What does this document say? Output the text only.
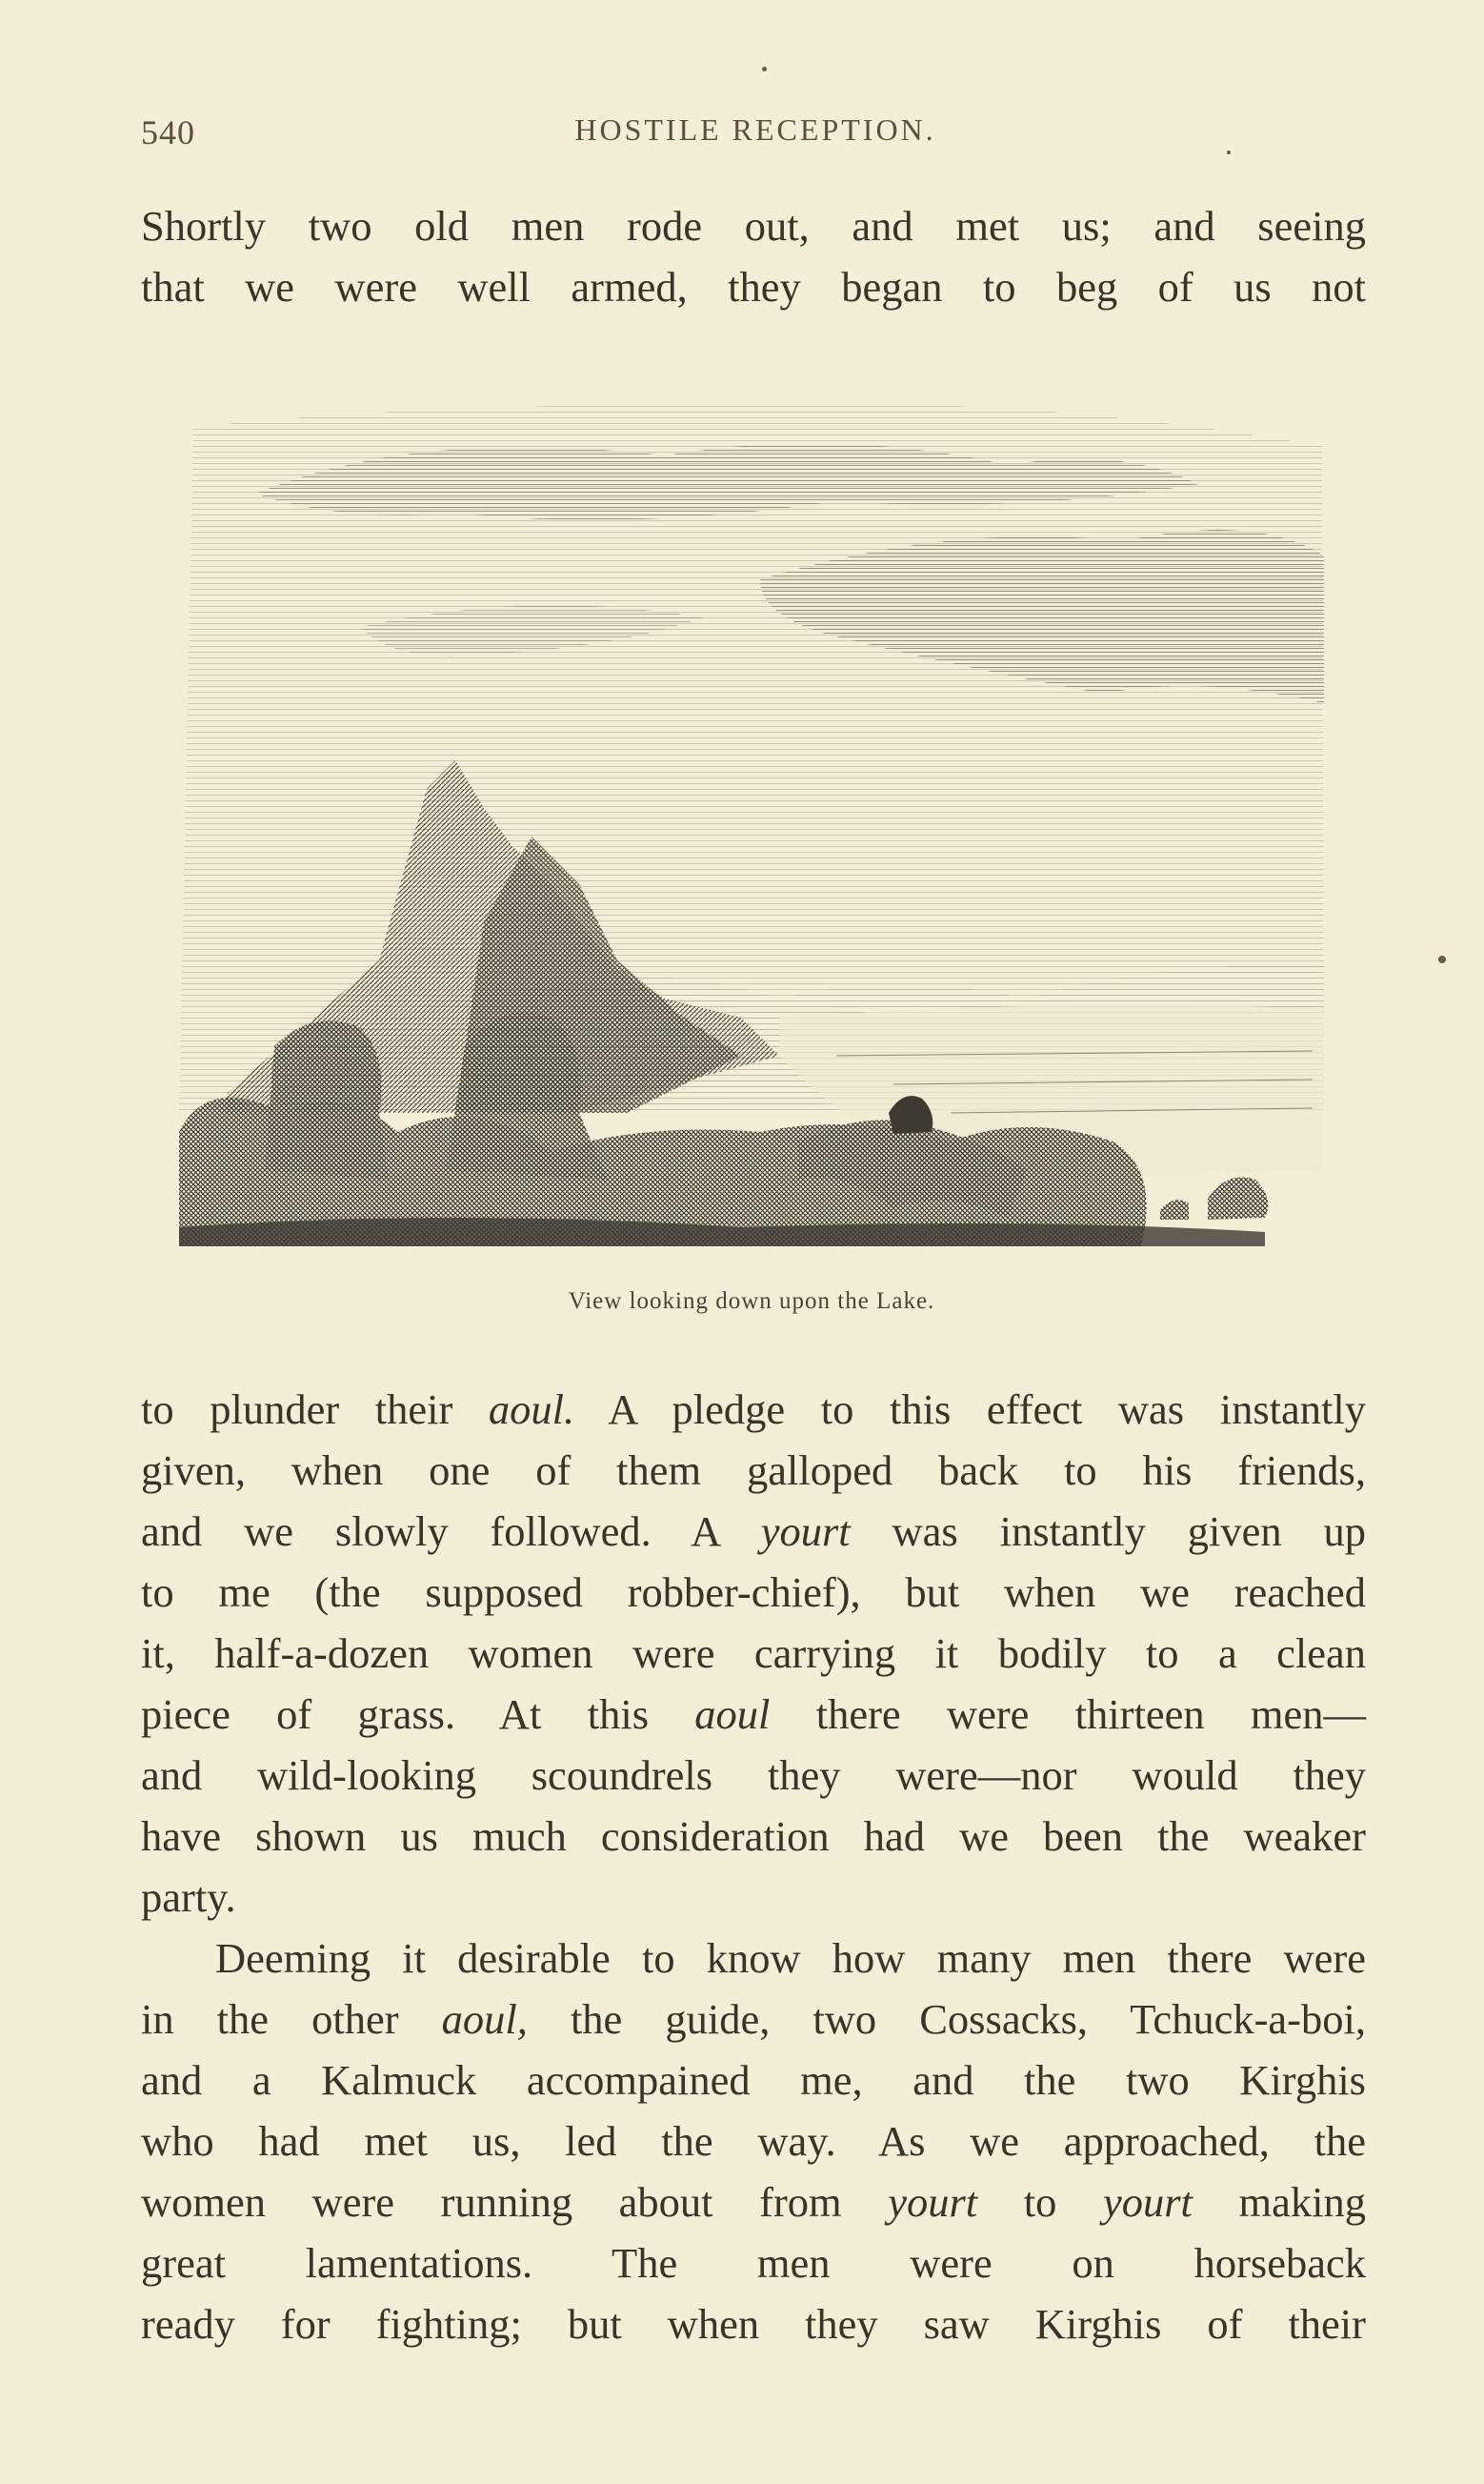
540	HOSTILE RECEPTION.

Shortly two old men rode out, and met us; and seeing
that we were well armed, they began to beg of us not

View looking down upon the Lake.

to plunder their aoul. A pledge to this effect was instantly
given, when one of them galloped back to his friends,
and we slowly followed. A yourt was instantly given up
to me (the supposed robber-chief), but when we reached
it, half-a-dozen women were carrying it bodily to a clean
piece of grass. At this aoul there were thirteen men—
and wild-looking scoundrels they were—nor would they
have shown us much consideration had we been the weaker
party.

Deeming it desirable to know how many men there were
in the other aoul, the guide, two Cossacks, Tchuck-a-boi,
and a Kalmuck accompained me, and the two Kirghis
who had met us, led the way. As we approached, the
women were running about from yourt to yourt making
great lamentations. The men were on horseback
ready for fighting; but when they saw Kirghis of their
